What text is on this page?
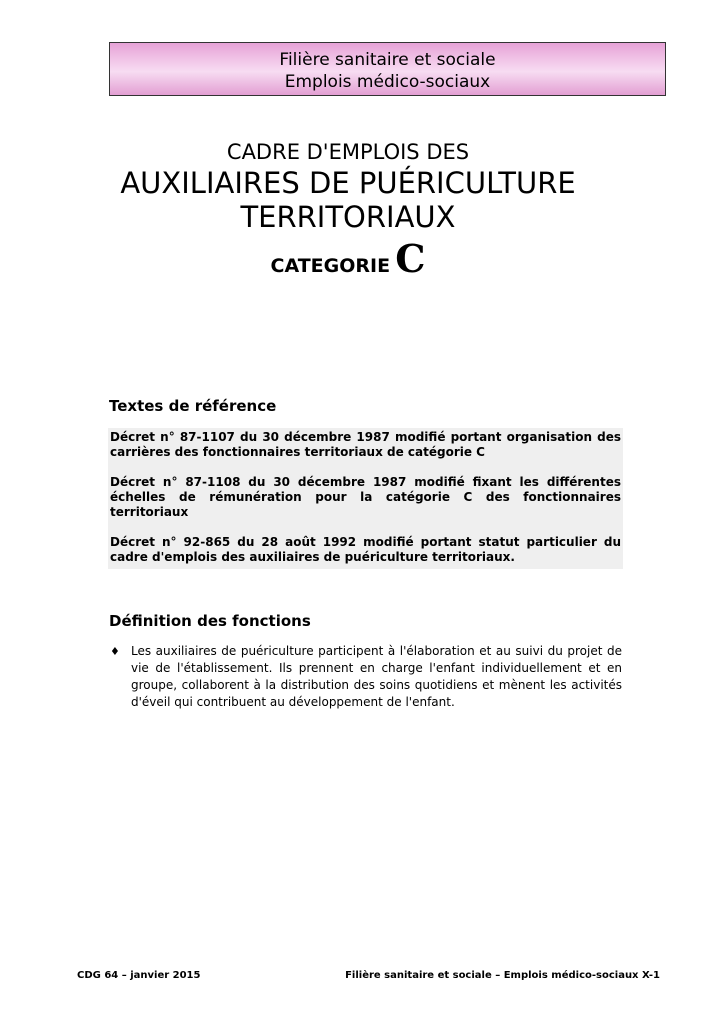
Filière sanitaire et sociale
Emplois médico-sociaux
CADRE D'EMPLOIS DES
AUXILIAIRES DE PUÉRICULTURE
TERRITORIAUX
CATEGORIE C
Textes de référence

Décret n° 87-1107 du 30 décembre 1987 modifié portant organisation des carrières des fonctionnaires territoriaux de catégorie C

Décret n° 87-1108 du 30 décembre 1987 modifié fixant les différentes échelles de rémunération pour la catégorie C des fonctionnaires territoriaux

Décret n° 92-865 du 28 août 1992 modifié portant statut particulier du cadre d'emplois des auxiliaires de puériculture territoriaux.

Définition des fonctions
♦ Les auxiliaires de puériculture participent à l'élaboration et au suivi du projet de vie de l'établissement. Ils prennent en charge l'enfant individuellement et en groupe, collaborent à la distribution des soins quotidiens et mènent les activités d'éveil qui contribuent au développement de l'enfant.
CDG 64 – janvier 2015	Filière sanitaire et sociale – Emplois médico-sociaux X-1
